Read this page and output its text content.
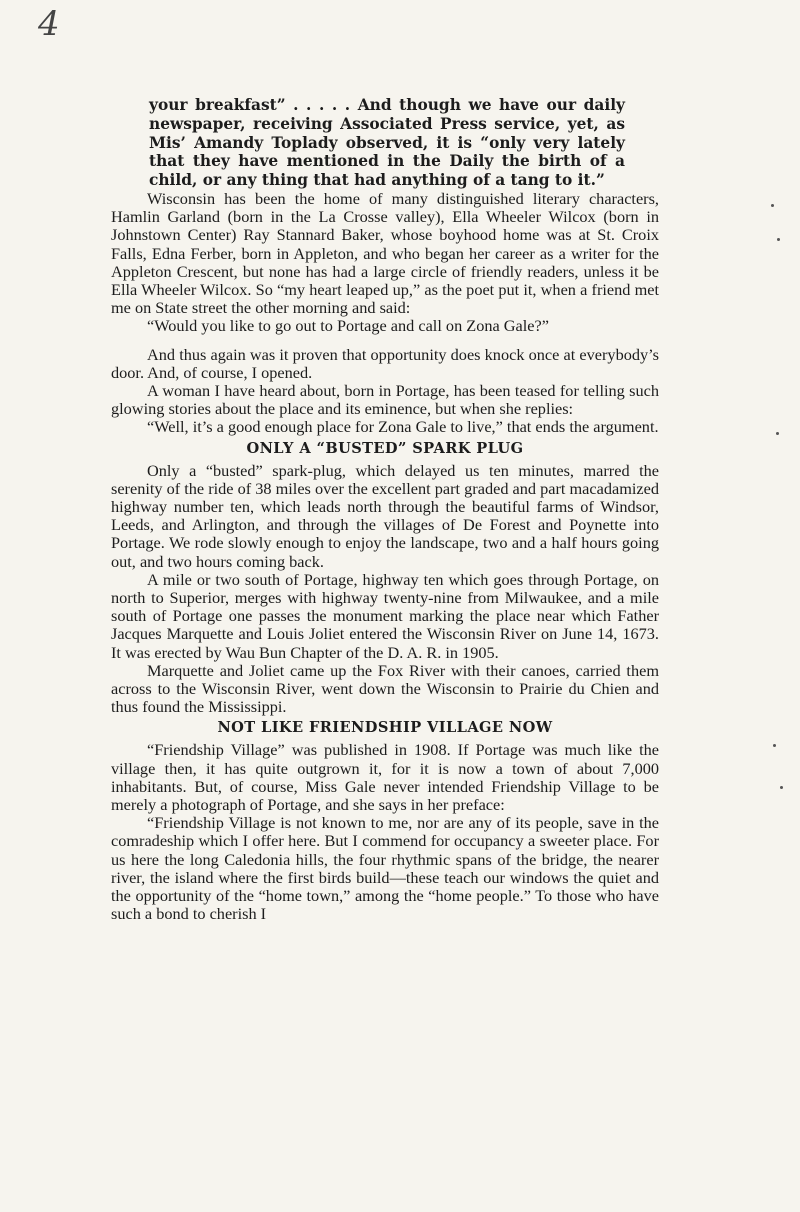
4

your breakfast” . . . . . And though we have our daily newspaper, receiving Associated Press service, yet, as Mis’ Amandy Toplady observed, it is “only very lately that they have mentioned in the Daily the birth of a child, or any thing that had anything of a tang to it.”

Wisconsin has been the home of many distinguished literary characters, Hamlin Garland (born in the La Crosse valley), Ella Wheeler Wilcox (born in Johnstown Center) Ray Stannard Baker, whose boyhood home was at St. Croix Falls, Edna Ferber, born in Appleton, and who began her career as a writer for the Appleton Crescent, but none has had a large circle of friendly readers, unless it be Ella Wheeler Wilcox. So “my heart leaped up,” as the poet put it, when a friend met me on State street the other morning and said:

“Would you like to go out to Portage and call on Zona Gale?”

And thus again was it proven that opportunity does knock once at everybody’s door. And, of course, I opened.

A woman I have heard about, born in Portage, has been teased for telling such glowing stories about the place and its eminence, but when she replies:

“Well, it’s a good enough place for Zona Gale to live,” that ends the argument.

ONLY A “BUSTED” SPARK PLUG

Only a “busted” spark-plug, which delayed us ten minutes, marred the serenity of the ride of 38 miles over the excellent part graded and part macadamized highway number ten, which leads north through the beautiful farms of Windsor, Leeds, and Arlington, and through the villages of De Forest and Poynette into Portage. We rode slowly enough to enjoy the landscape, two and a half hours going out, and two hours coming back.

A mile or two south of Portage, highway ten which goes through Portage, on north to Superior, merges with highway twenty-nine from Milwaukee, and a mile south of Portage one passes the monument marking the place near which Father Jacques Marquette and Louis Joliet entered the Wisconsin River on June 14, 1673. It was erected by Wau Bun Chapter of the D. A. R. in 1905.

Marquette and Joliet came up the Fox River with their canoes, carried them across to the Wisconsin River, went down the Wisconsin to Prairie du Chien and thus found the Mississippi.

NOT LIKE FRIENDSHIP VILLAGE NOW

“Friendship Village” was published in 1908. If Portage was much like the village then, it has quite outgrown it, for it is now a town of about 7,000 inhabitants. But, of course, Miss Gale never intended Friendship Village to be merely a photograph of Portage, and she says in her preface:

“Friendship Village is not known to me, nor are any of its people, save in the comradeship which I offer here. But I commend for occupancy a sweeter place. For us here the long Caledonia hills, the four rhythmic spans of the bridge, the nearer river, the island where the first birds build—these teach our windows the quiet and the opportunity of the “home town,” among the “home people.” To those who have such a bond to cherish I
